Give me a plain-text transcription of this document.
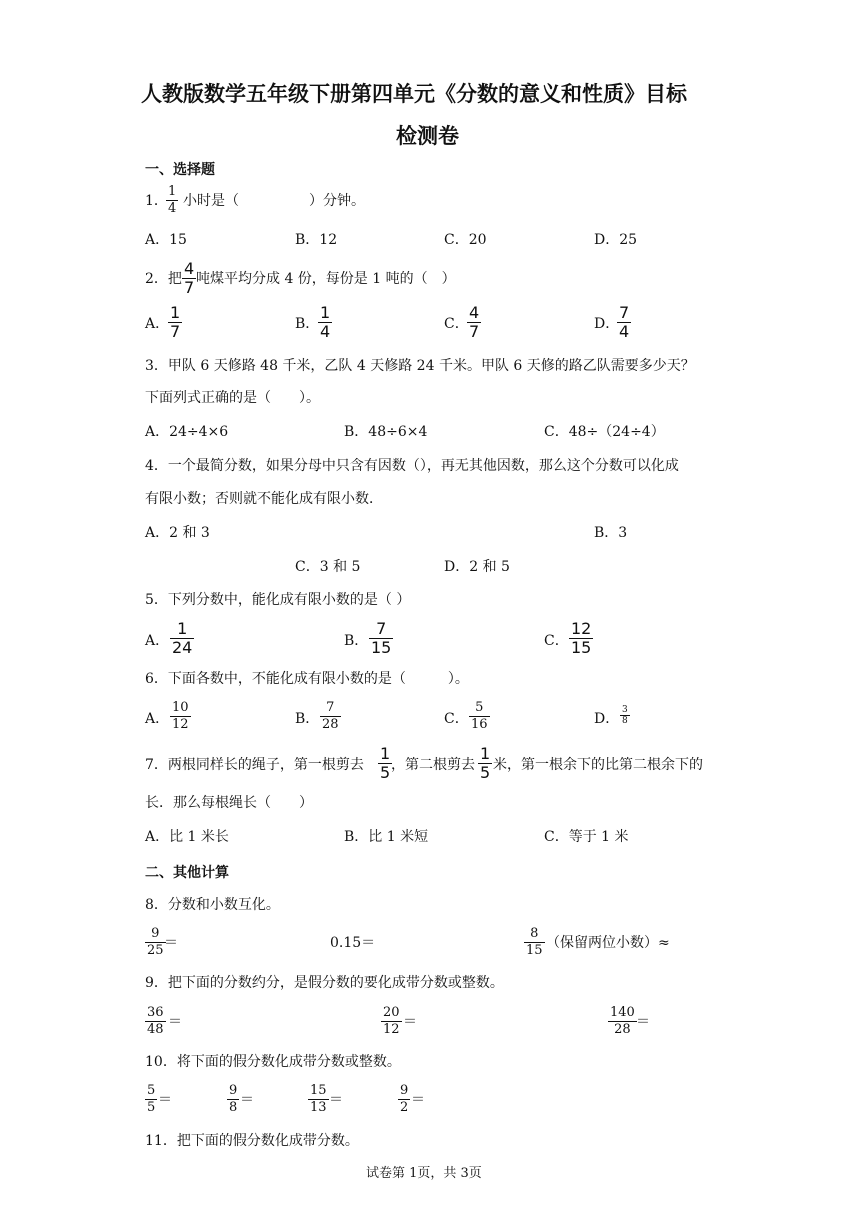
人教版数学五年级下册第四单元《分数的意义和性质》目标
检测卷
一、选择题
1．
1
4 小时是（　　　　　）分钟。
A．15	B．12	C．20	D．25
2．把
4
7 吨煤平均分成 4 份，每份是 1 吨的（　）
A．
1
7	B．
1
4	C．
4
7	D．
7
4
3．甲队 6 天修路 48 千米，乙队 4 天修路 24 千米。甲队 6 天修的路乙队需要多少天？
下面列式正确的是（　　）。
A．24÷4×6	B．48÷6×4	C．48÷（24÷4）
4．一个最简分数，如果分母中只含有因数（），再无其他因数，那么这个分数可以化成
有限小数；否则就不能化成有限小数．
A．2 和 3	B．3
C．3 和 5	D．2 和 5
5．下列分数中，能化成有限小数的是（ ）
A．
1
24	B．
7
15	C．
12
15
6．下面各数中，不能化成有限小数的是（　　　）。
A．
10
12	B．
7
28	C．
5
16	D．
3
8
7．两根同样长的绳子，第一根剪去
1
5 ，第二根剪去
1
5 米，第一根余下的比第二根余下的
长．那么每根绳长（　　）
A．比 1 米长	B．比 1 米短	C．等于 1 米
二、其他计算
8．分数和小数互化。
9
25 ＝	0.15＝
8
15 （保留两位小数）≈
9．把下面的分数约分，是假分数的要化成带分数或整数。
36
48 ＝
20
12 ＝
140
28 ＝
10．将下面的假分数化成带分数或整数。
5
5 ＝
9
8 ＝
15
13 ＝
9
2 ＝
11．把下面的假分数化成带分数。
试卷第 1页，共 3页
